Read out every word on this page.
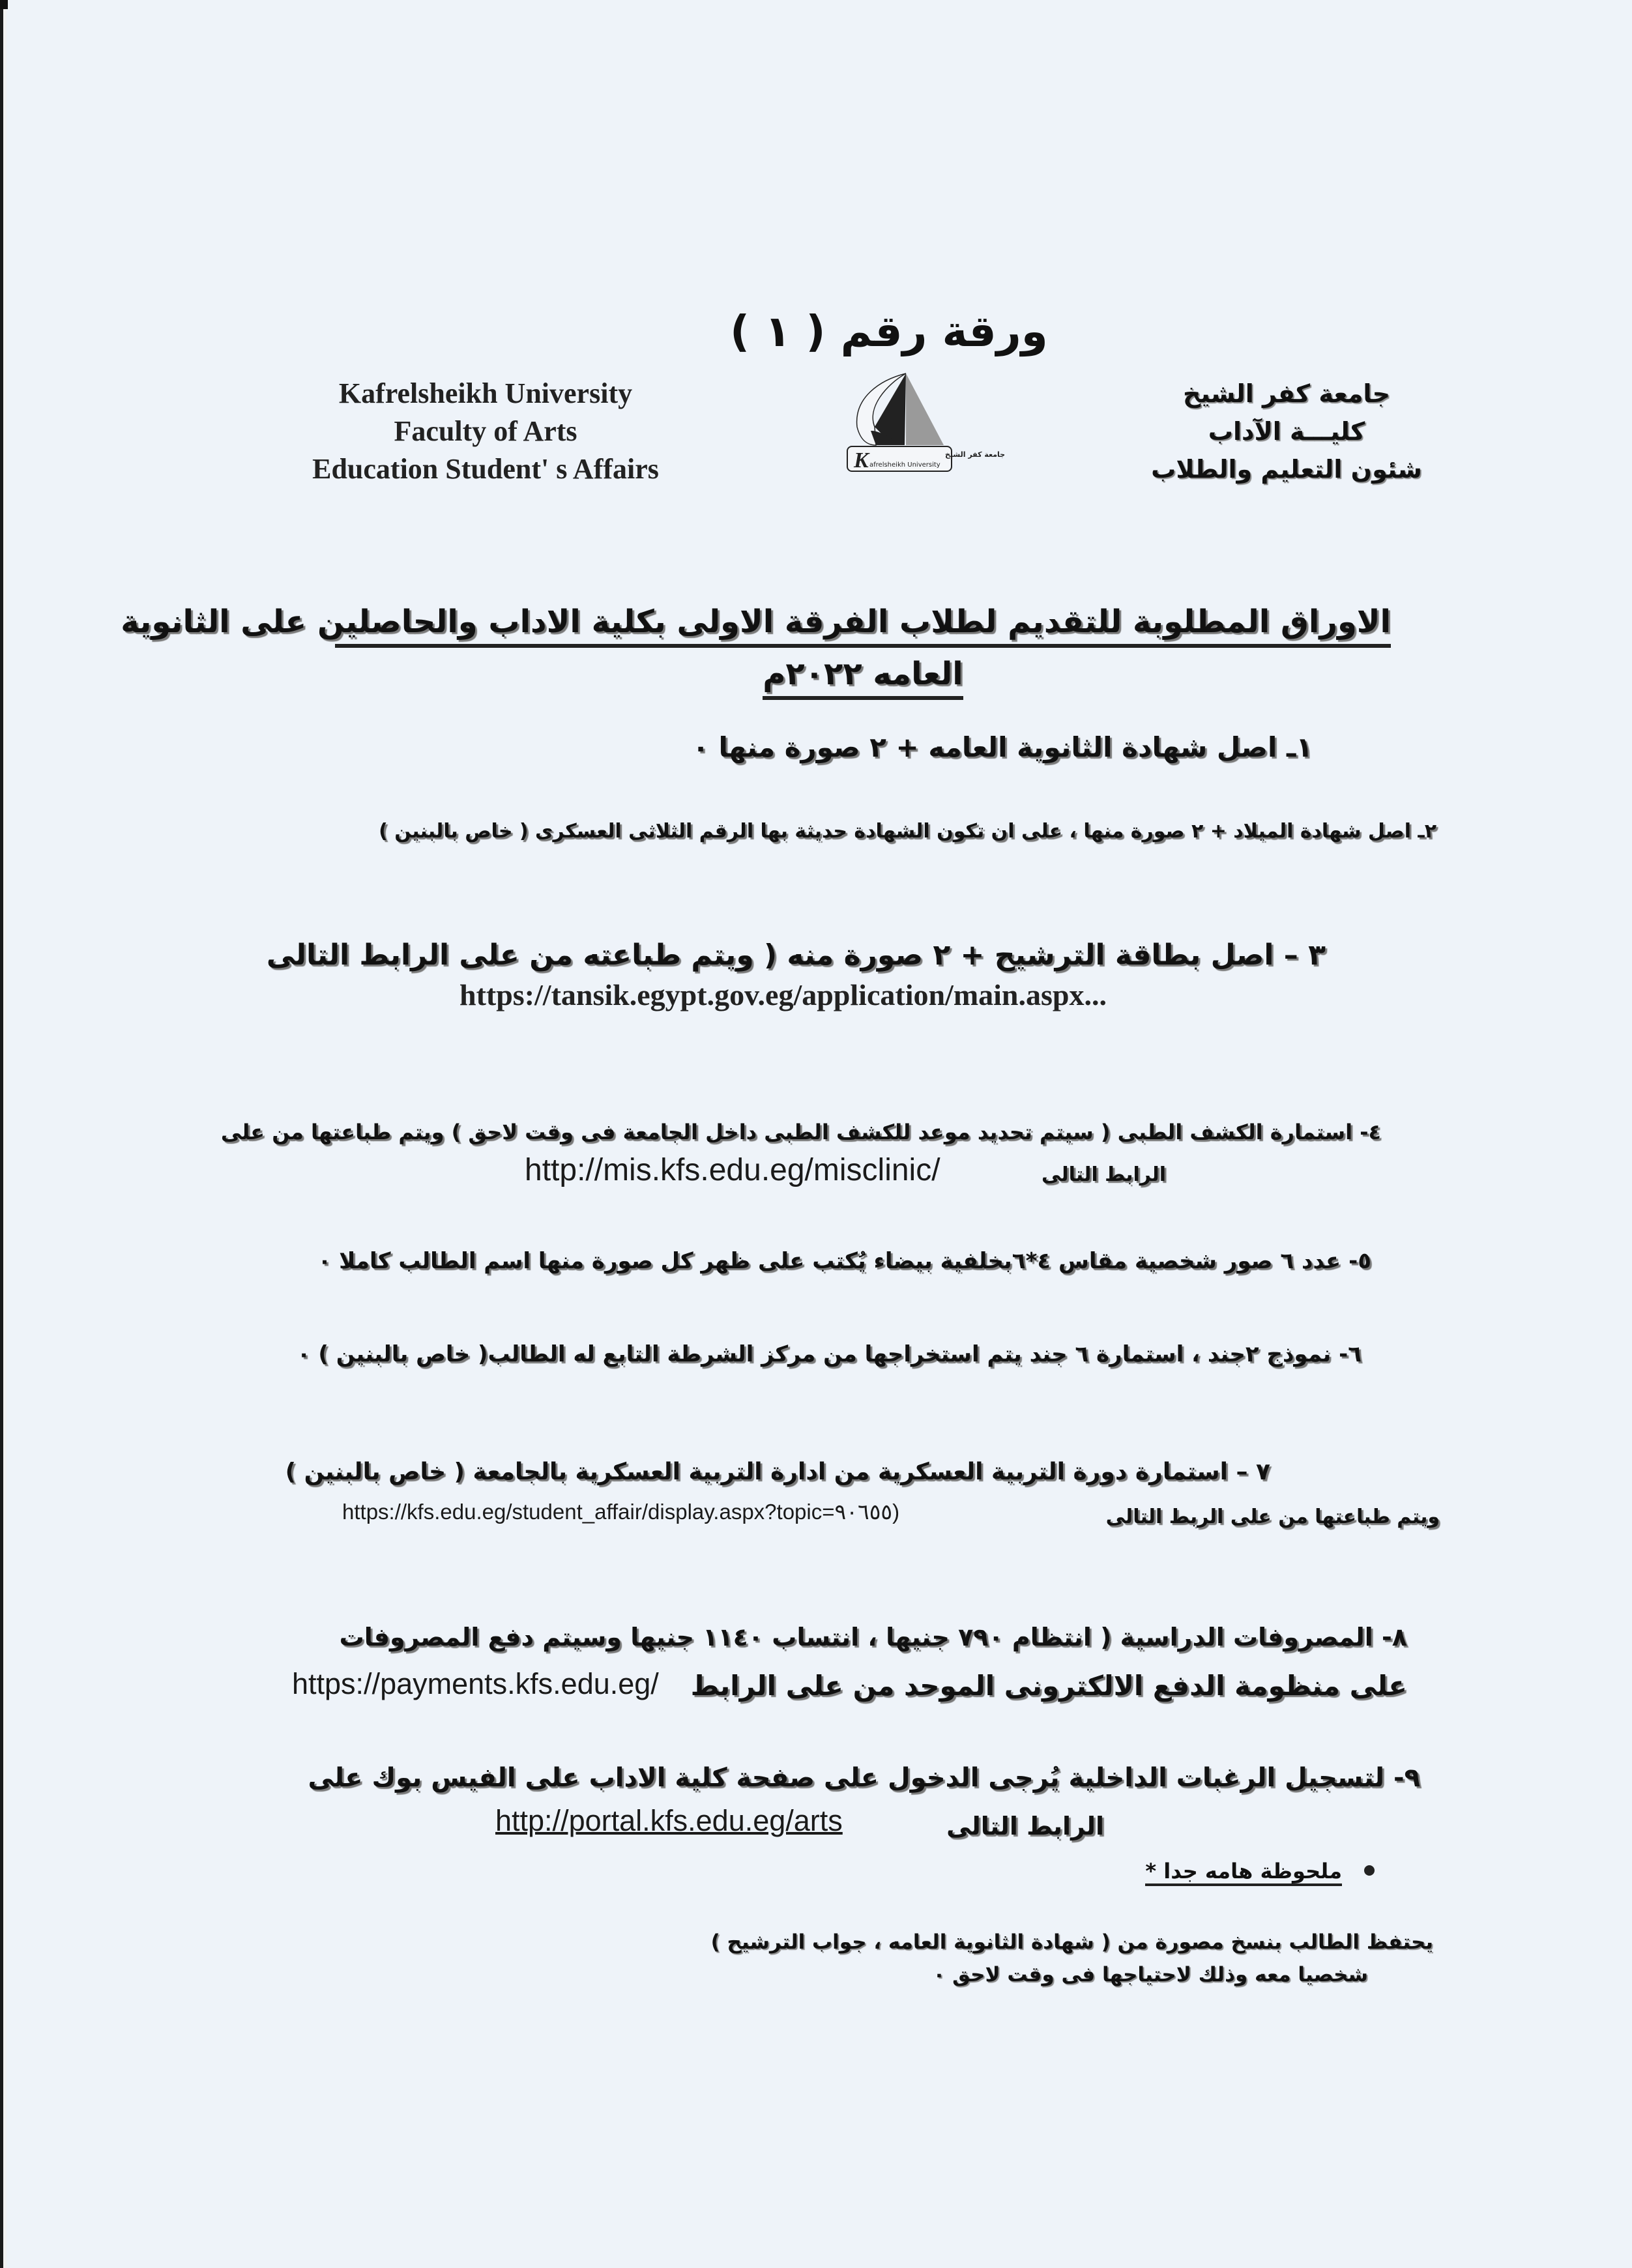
ورقة رقم ( ١ )
Kafrelsheikh University
Faculty of Arts
Education Student' s Affairs	K	جامعة كفر الشيخ
afrelsheikh University
جامعة كفر الشيخ
كليـــة الآداب
شئون التعليم والطلاب
الاوراق المطلوبة للتقديم لطلاب الفرقة الاولى بكلية الاداب والحاصلين على الثانوية
العامه ٢٠٢٢م
١ـ اصل شهادة الثانوية العامه + ٢ صورة منها ٠
٢ـ اصل شهادة الميلاد + ٢ صورة منها ، على ان تكون الشهادة حديثة بها الرقم الثلاثى العسكرى ( خاص بالبنين )
٣ – اصل بطاقة الترشيح + ٢ صورة منه ( ويتم طباعته من على الرابط التالى
https://tansik.egypt.gov.eg/application/main.aspx...
٤- استمارة الكشف الطبى ( سيتم تحديد موعد للكشف الطبى داخل الجامعة فى وقت لاحق ) ويتم طباعتها من على
الرابط التالى
http://mis.kfs.edu.eg/misclinic/
٥- عدد ٦ صور شخصية مقاس ٤*٦بخلفية بيضاء يُكتب على ظهر كل صورة منها اسم الطالب كاملا ٠
٦- نموذج ٢جند ، استمارة ٦ جند يتم استخراجها من مركز الشرطة التابع له الطالب( خاص بالبنين ) ٠
٧ – استمارة دورة التربية العسكرية من ادارة التربية العسكرية بالجامعة ( خاص بالبنين )
ويتم طباعتها من على الربط التالى
https://kfs.edu.eg/student_affair/display.aspx?topic=٩٠٦٥٥)
٨- المصروفات الدراسية ( انتظام ٧٩٠ جنيها ، انتساب ١١٤٠ جنيها وسيتم دفع المصروفات
على منظومة الدفع الالكترونى الموحد من على الرابط
https://payments.kfs.edu.eg/
٩- لتسجيل الرغبات الداخلية يُرجى الدخول على صفحة كلية الاداب على الفيس بوك على
الرابط التالى
http://portal.kfs.edu.eg/arts
ملحوظة هامه جدا *
يحتفظ الطالب بنسخ مصورة من ( شهادة الثانوية العامه ، جواب الترشيح )
شخصيا معه وذلك لاحتياجها فى وقت لاحق ٠
